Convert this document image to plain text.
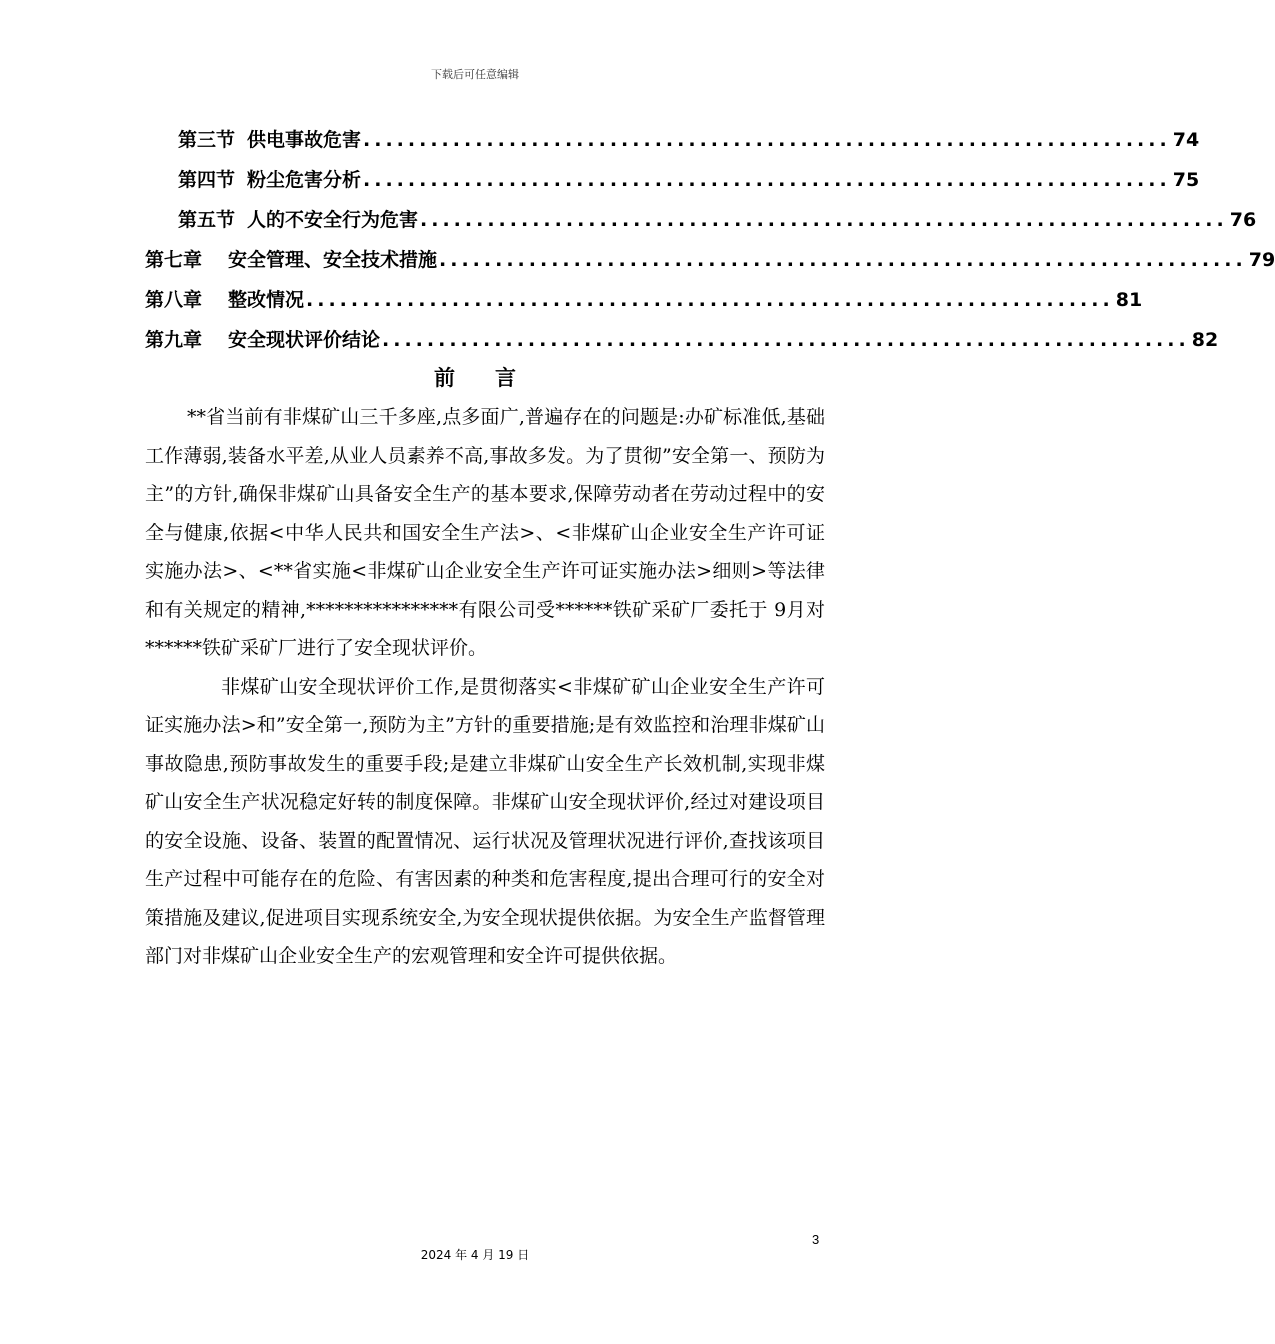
下载后可任意编辑
第三节 供电事故危害 ........................................................................ 74
第四节 粉尘危害分析 ........................................................................ 75
第五节 人的不安全行为危害 ........................................................................ 76
第七章 安全管理、安全技术措施 ........................................................................ 79
第八章 整改情况 ........................................................................ 81
第九章 安全现状评价结论 ........................................................................ 82
前言

**省当前有非煤矿山三千多座,点多面广,普遍存在的问题是:办矿标准低,基础工作薄弱,装备水平差,从业人员素养不高,事故多发。为了贯彻”安全第一、预防为主”的方针,确保非煤矿山具备安全生产的基本要求,保障劳动者在劳动过程中的安全与健康,依据<中华人民共和国安全生产法>、<非煤矿山企业安全生产许可证实施办法>、<**省实施<非煤矿山企业安全生产许可证实施办法>细则>等法律和有关规定的精神,****************有限公司受******铁矿采矿厂委托于 9月对******铁矿采矿厂进行了安全现状评价。

非煤矿山安全现状评价工作,是贯彻落实<非煤矿矿山企业安全生产许可证实施办法>和”安全第一,预防为主”方针的重要措施;是有效监控和治理非煤矿山事故隐患,预防事故发生的重要手段;是建立非煤矿山安全生产长效机制,实现非煤矿山安全生产状况稳定好转的制度保障。非煤矿山安全现状评价,经过对建设项目的安全设施、设备、装置的配置情况、运行状况及管理状况进行评价,查找该项目生产过程中可能存在的危险、有害因素的种类和危害程度,提出合理可行的安全对策措施及建议,促进项目实现系统安全,为安全现状提供依据。为安全生产监督管理部门对非煤矿山企业安全生产的宏观管理和安全许可提供依据。

3
2024 年 4 月 19 日
